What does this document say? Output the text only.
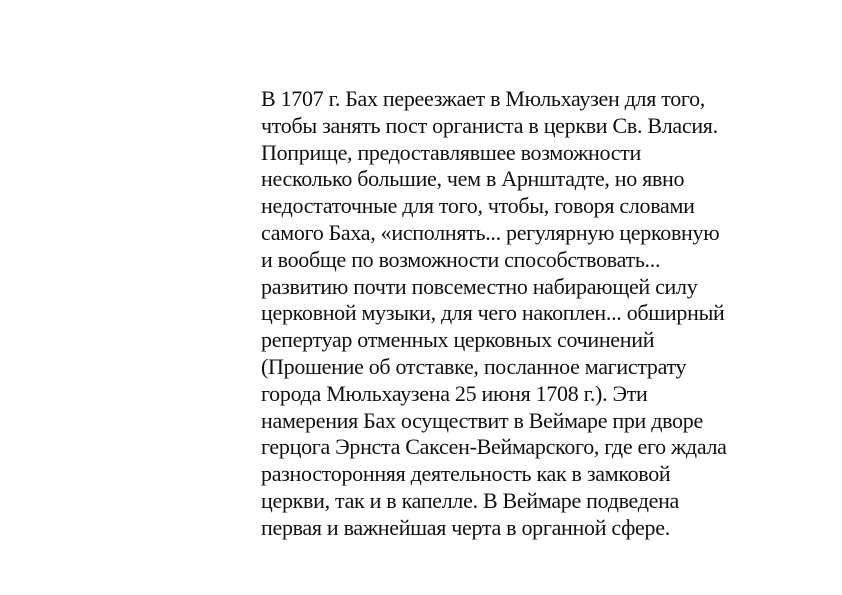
В 1707 г. Бах переезжает в Мюльхаузен для того,
чтобы занять пост органиста в церкви Св. Власия.
Поприще, предоставлявшее возможности
несколько большие, чем в Арнштадте, но явно
недостаточные для того, чтобы, говоря словами
самого Баха, «исполнять... регулярную церковную
и вообще по возможности способствовать...
развитию почти повсеместно набирающей силу
церковной музыки, для чего накоплен... обширный
репертуар отменных церковных сочинений
(Прошение об отставке, посланное магистрату
города Мюльхаузена 25 июня 1708 г.). Эти
намерения Бах осуществит в Веймаре при дворе
герцога Эрнста Саксен-Веймарского, где его ждала
разносторонняя деятельность как в замковой
церкви, так и в капелле. В Веймаре подведена
первая и важнейшая черта в органной сфере.
